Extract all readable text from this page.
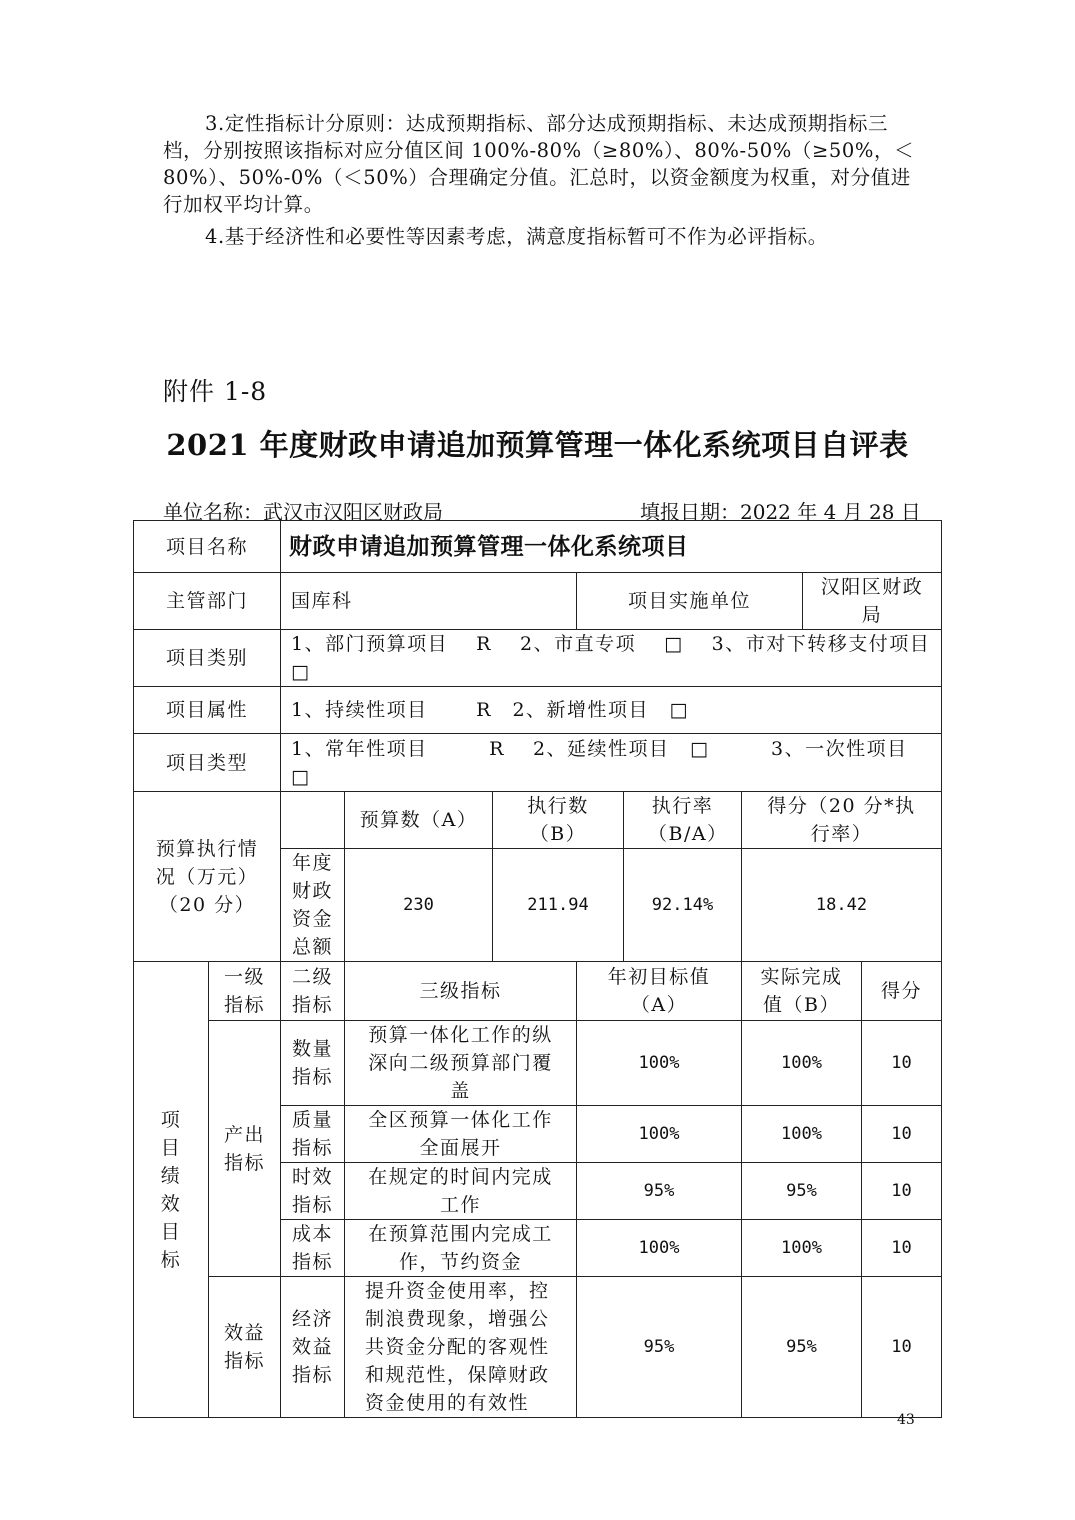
3.定性指标计分原则：达成预期指标、部分达成预期指标、未达成预期指标三档，分别按照该指标对应分值区间 100%-80%（≥80%）、80%-50%（≥50%，＜80%）、50%-0%（＜50%）合理确定分值。汇总时，以资金额度为权重，对分值进行加权平均计算。

4.基于经济性和必要性等因素考虑，满意度指标暂可不作为必评指标。

附件 1-8
2021 年度财政申请追加预算管理一体化系统项目自评表
单位名称：武汉市汉阳区财政局	填报日期：2022 年 4 月 28 日
项目名称		财政申请追加预算管理一体化系统项目							
主管部门		国库科			项目实施单位			汉阳区财政局	
项目类别		1、部门预算项目　 R　 2、市直专项　 □　 3、市对下转移支付项目　□							
项目属性		1、持续性项目　　 R　2、新增性项目　□							
项目类型		1、常年性项目　　　R　 2、延续性项目　□　　　3、一次性项目　 □							
预算执行情况（万元）（20 分）			预算数（A）	执行数（B）		执行率（B/A）	得分（20 分*执行率）		
		年度财政资金总额	230	211.94		92.14%	18.42		
项目绩效目标	一级指标	二级指标	三级指标		年初目标值（A）		实际完成值（B）		得分
	产出指标	数量指标	预算一体化工作的纵深向二级预算部门覆盖		100%		100%		10
		质量指标	全区预算一体化工作全面展开		100%		100%		10
		时效指标	在规定的时间内完成工作		95%		95%		10
		成本指标	在预算范围内完成工作，节约资金		100%		100%		10
	效益指标	经济效益指标	提升资金使用率，控制浪费现象，增强公共资金分配的客观性和规范性，保障财政资金使用的有效性		95%		95%		10
43
